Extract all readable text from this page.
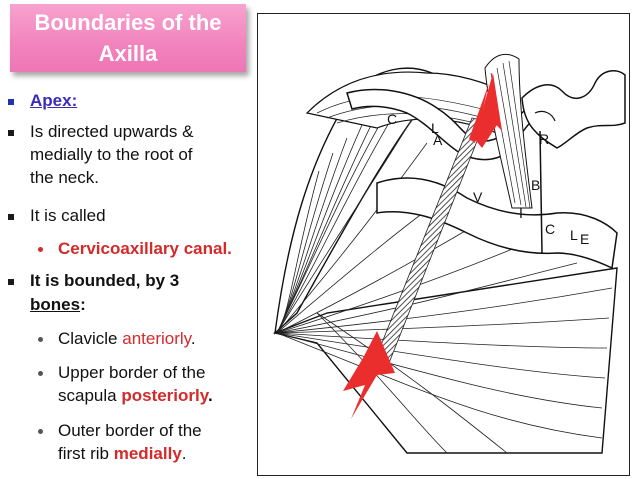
Boundaries of the
Axilla
Apex:
Is directed upwards &
medially to the root of
the neck.
It is called
Cervicoaxillary canal.
It is bounded, by 3
bones:
Clavicle anteriorly.
Upper border of the
scapula posteriorly.
Outer border of the
first rib medially.
C
L
A	R
B
V
I
C L E
